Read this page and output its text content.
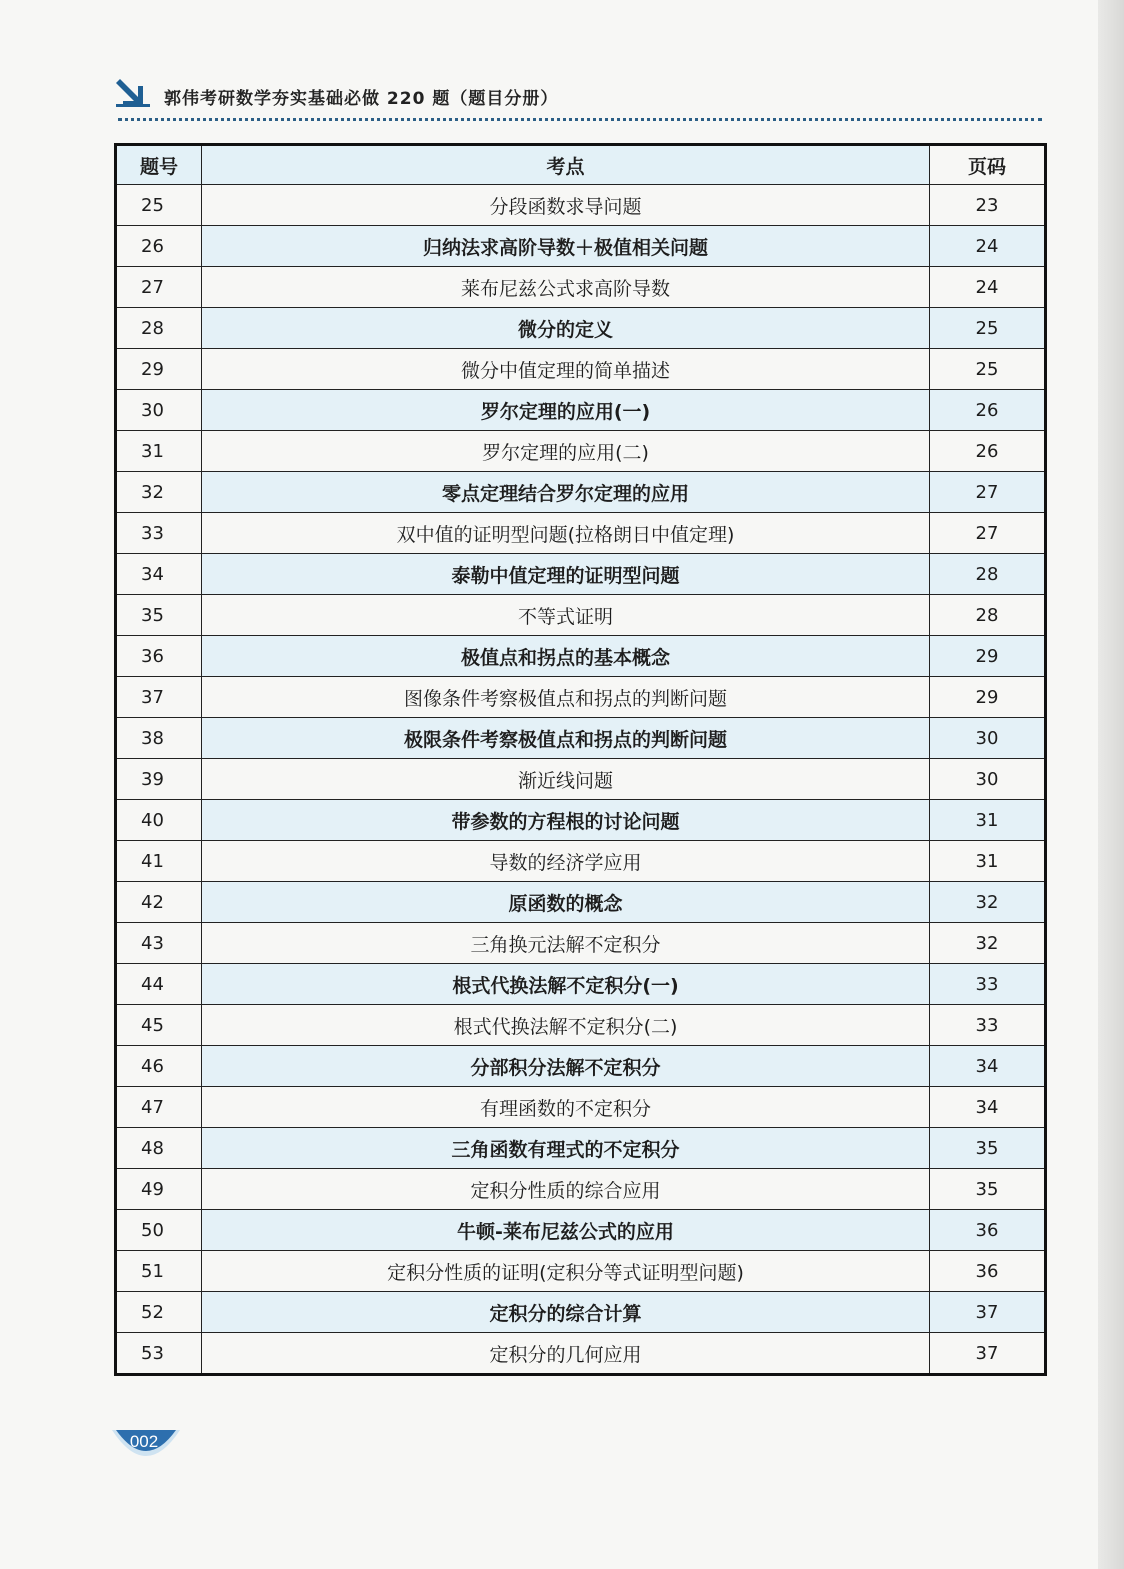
郭伟考研数学夯实基础必做 220 题（题目分册）
题号	考点	页码
25	分段函数求导问题	23
26	归纳法求高阶导数＋极值相关问题	24
27	莱布尼兹公式求高阶导数	24
28	微分的定义	25
29	微分中值定理的简单描述	25
30	罗尔定理的应用(一)	26
31	罗尔定理的应用(二)	26
32	零点定理结合罗尔定理的应用	27
33	双中值的证明型问题(拉格朗日中值定理)	27
34	泰勒中值定理的证明型问题	28
35	不等式证明	28
36	极值点和拐点的基本概念	29
37	图像条件考察极值点和拐点的判断问题	29
38	极限条件考察极值点和拐点的判断问题	30
39	渐近线问题	30
40	带参数的方程根的讨论问题	31
41	导数的经济学应用	31
42	原函数的概念	32
43	三角换元法解不定积分	32
44	根式代换法解不定积分(一)	33
45	根式代换法解不定积分(二)	33
46	分部积分法解不定积分	34
47	有理函数的不定积分	34
48	三角函数有理式的不定积分	35
49	定积分性质的综合应用	35
50	牛顿-莱布尼兹公式的应用	36
51	定积分性质的证明(定积分等式证明型问题)	36
52	定积分的综合计算	37
53	定积分的几何应用	37
002
